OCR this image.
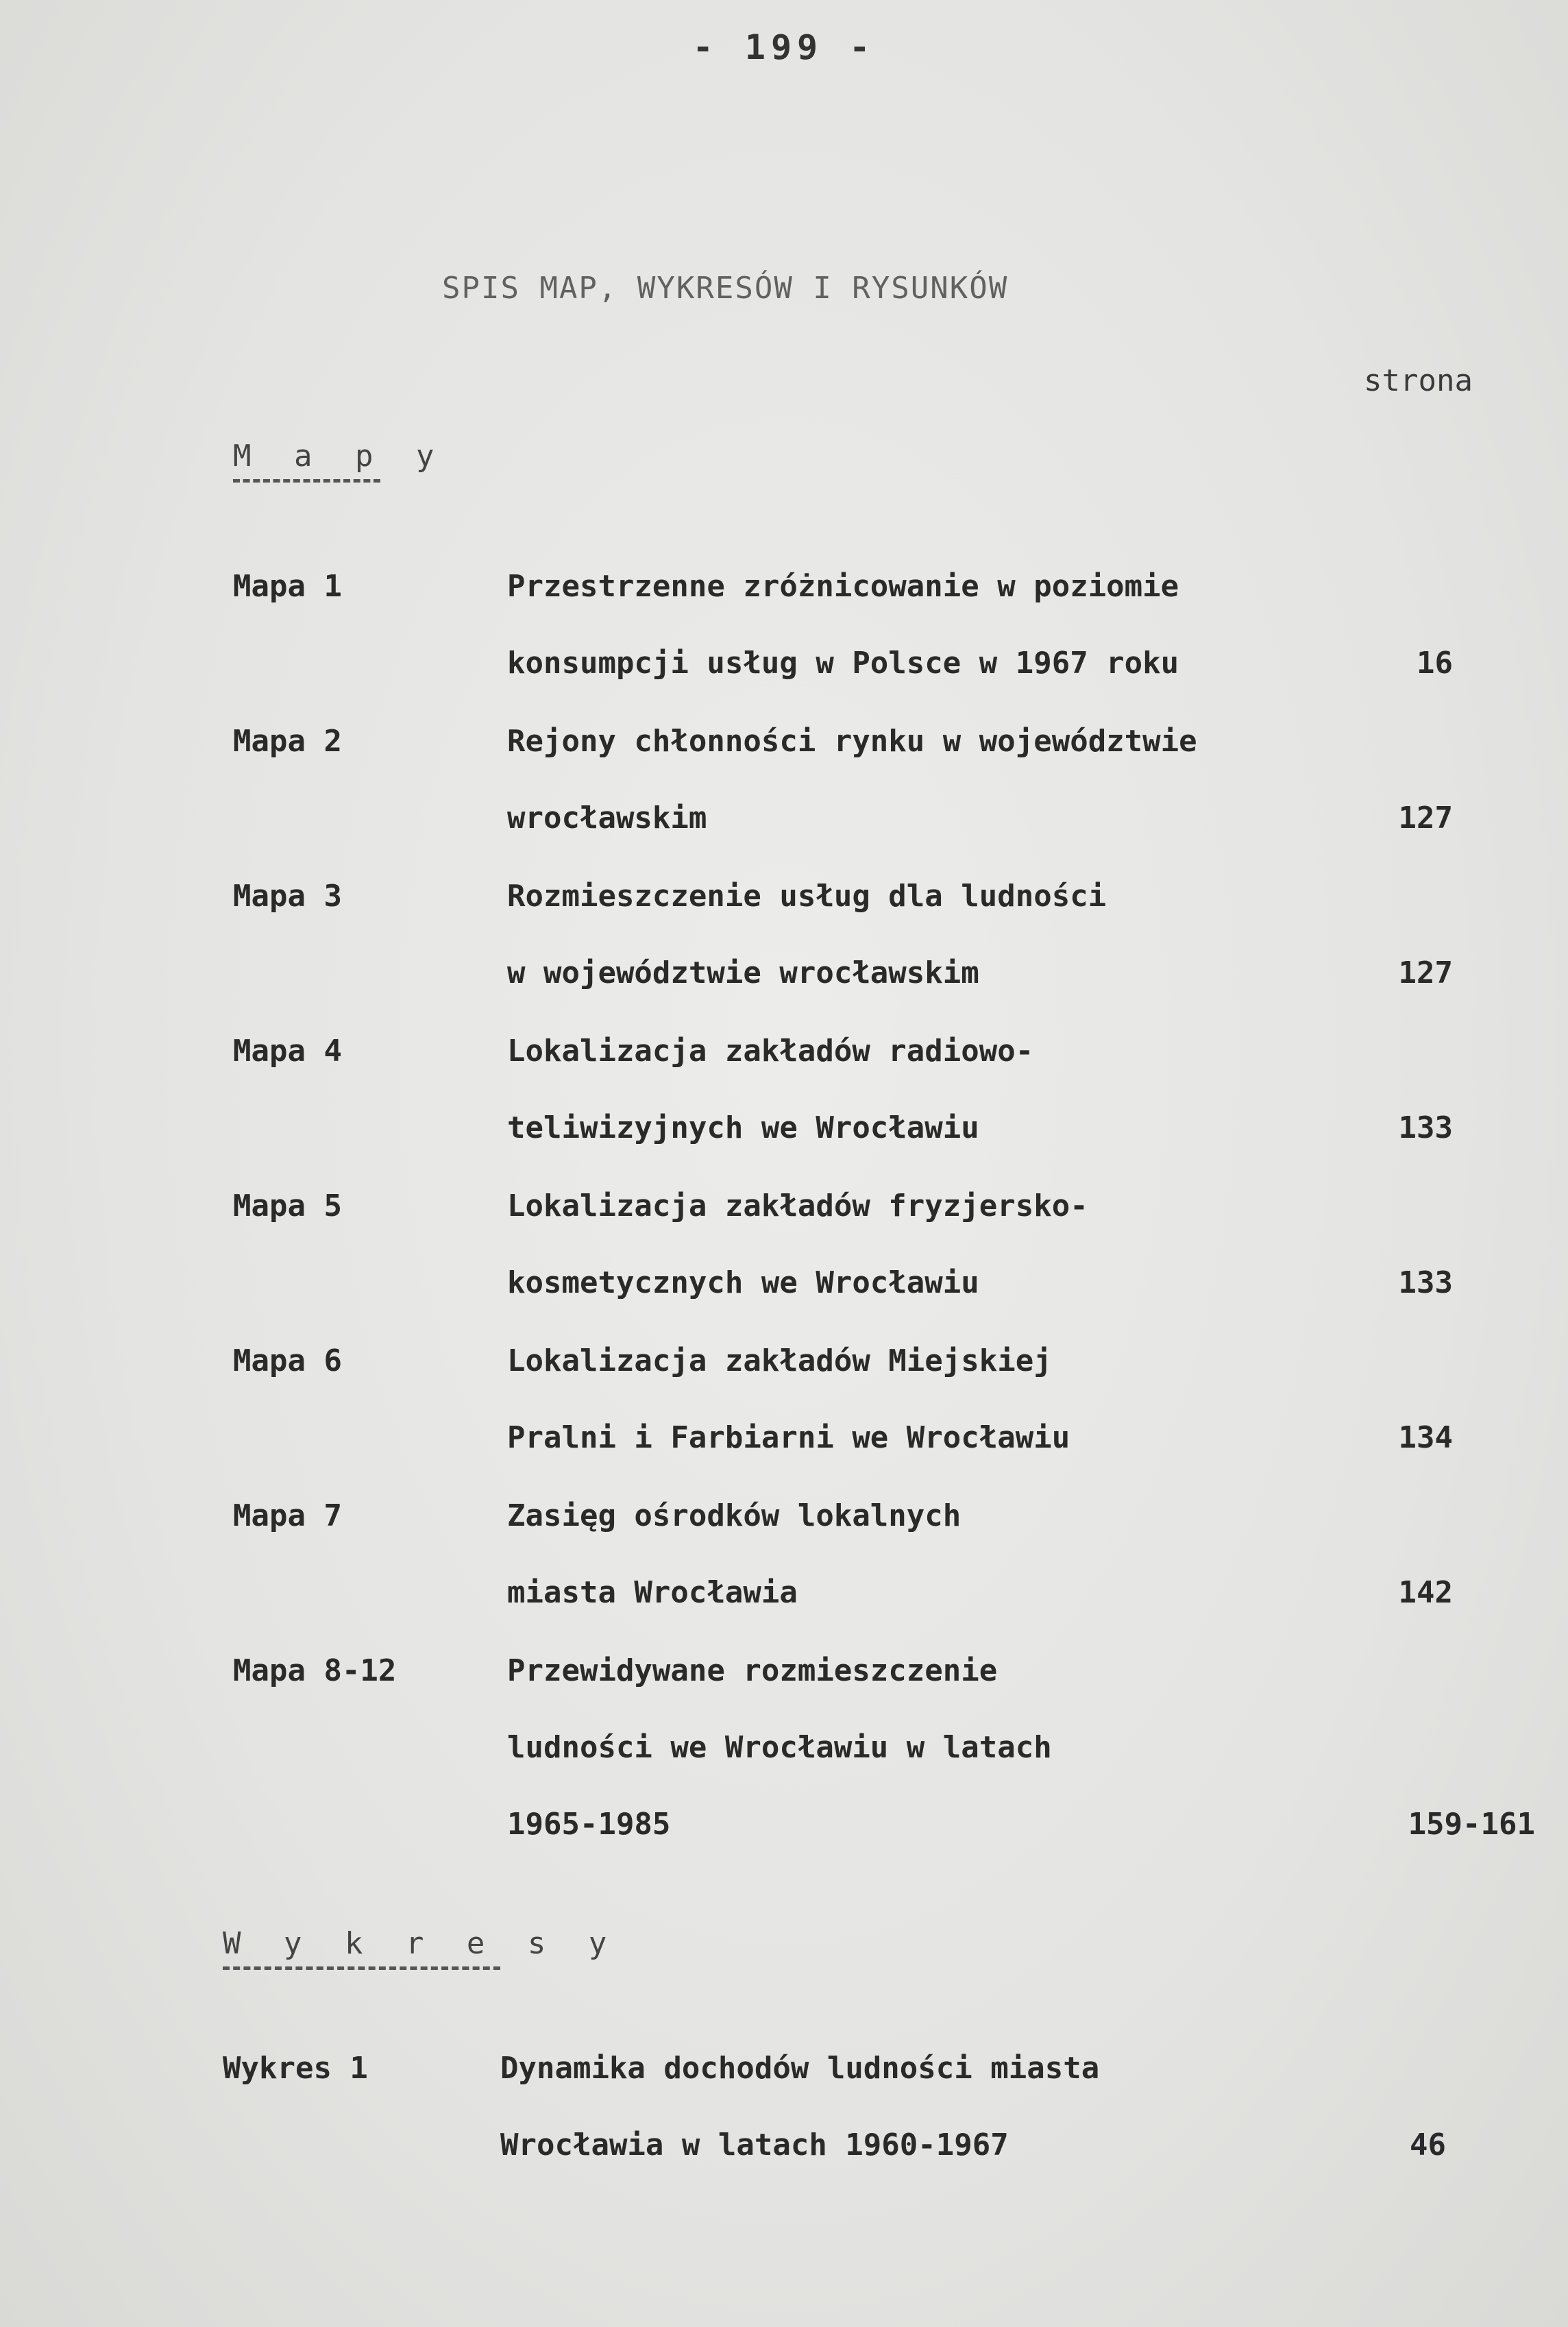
- 199 -
SPIS MAP, WYKRESÓW I RYSUNKÓW
strona
M a p y
Mapa 1	Przestrzenne zróżnicowanie w poziomie
konsumpcji usług w Polsce w 1967 roku	16
Mapa 2	Rejony chłonności rynku w województwie
wrocławskim	127
Mapa 3	Rozmieszczenie usług dla ludności
w województwie wrocławskim	127
Mapa 4	Lokalizacja zakładów radiowo-
teliwizyjnych we Wrocławiu	133
Mapa 5	Lokalizacja zakładów fryzjersko-
kosmetycznych we Wrocławiu	133
Mapa 6	Lokalizacja zakładów Miejskiej
Pralni i Farbiarni we Wrocławiu	134
Mapa 7	Zasięg ośrodków lokalnych
miasta Wrocławia	142
Mapa 8-12	Przewidywane rozmieszczenie
ludności we Wrocławiu w latach
1965-1985	159-161
W y k r e s y
Wykres 1	Dynamika dochodów ludności miasta
Wrocławia w latach 1960-1967	46
